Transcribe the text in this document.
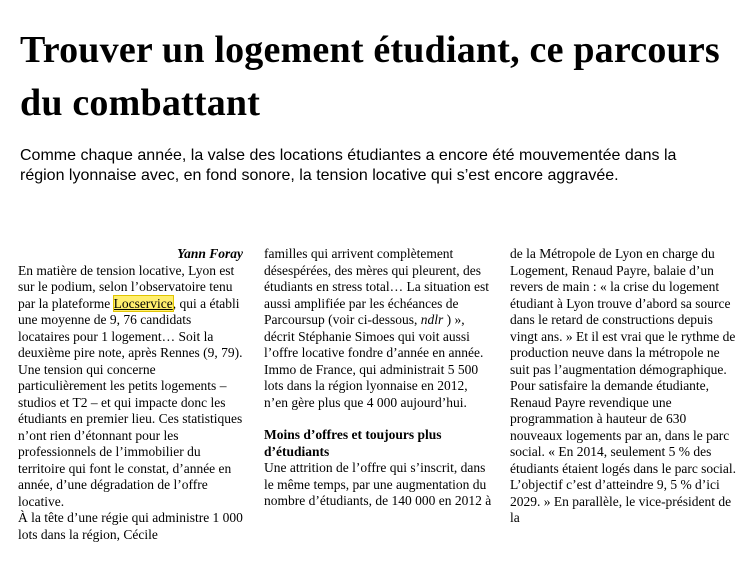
Trouver un logement étudiant, ce parcours du combattant

Comme chaque année, la valse des locations étudiantes a encore été mouvementée dans la région lyonnaise avec, en fond sonore, la tension locative qui s’est encore aggravée.

Yann Foray

En matière de tension locative, Lyon est sur le podium, selon l’observatoire tenu par la plateforme Locservice, qui a établi une moyenne de 9, 76 candidats locataires pour 1 logement… Soit la deuxième pire note, après Rennes (9, 79). Une tension qui concerne particulièrement les petits logements – studios et T2 – et qui impacte donc les étudiants en premier lieu. Ces statistiques n’ont rien d’étonnant pour les professionnels de l’immobilier du territoire qui font le constat, d’année en année, d’une dégradation de l’offre locative.

À la tête d’une régie qui administre 1 000 lots dans la région, Cécile

familles qui arrivent complètement désespérées, des mères qui pleurent, des étudiants en stress total… La situation est aussi amplifiée par les échéances de Parcoursup (voir ci-dessous, ndlr ) », décrit Stéphanie Simoes qui voit aussi l’offre locative fondre d’année en année. Immo de France, qui administrait 5 500 lots dans la région lyonnaise en 2012, n’en gère plus que 4 000 aujourd’hui.

Moins d’offres et toujours plus d’étudiants

Une attrition de l’offre qui s’inscrit, dans le même temps, par une augmentation du nombre d’étudiants, de 140 000 en 2012 à

de la Métropole de Lyon en charge du Logement, Renaud Payre, balaie d’un revers de main : « la crise du logement étudiant à Lyon trouve d’abord sa source dans le retard de constructions depuis vingt ans. » Et il est vrai que le rythme de production neuve dans la métropole ne suit pas l’augmentation démographique.

Pour satisfaire la demande étudiante, Renaud Payre revendique une programmation à hauteur de 630 nouveaux logements par an, dans le parc social. « En 2014, seulement 5 % des étudiants étaient logés dans le parc social. L’objectif c’est d’atteindre 9, 5 % d’ici 2029. » En parallèle, le vice-président de la
